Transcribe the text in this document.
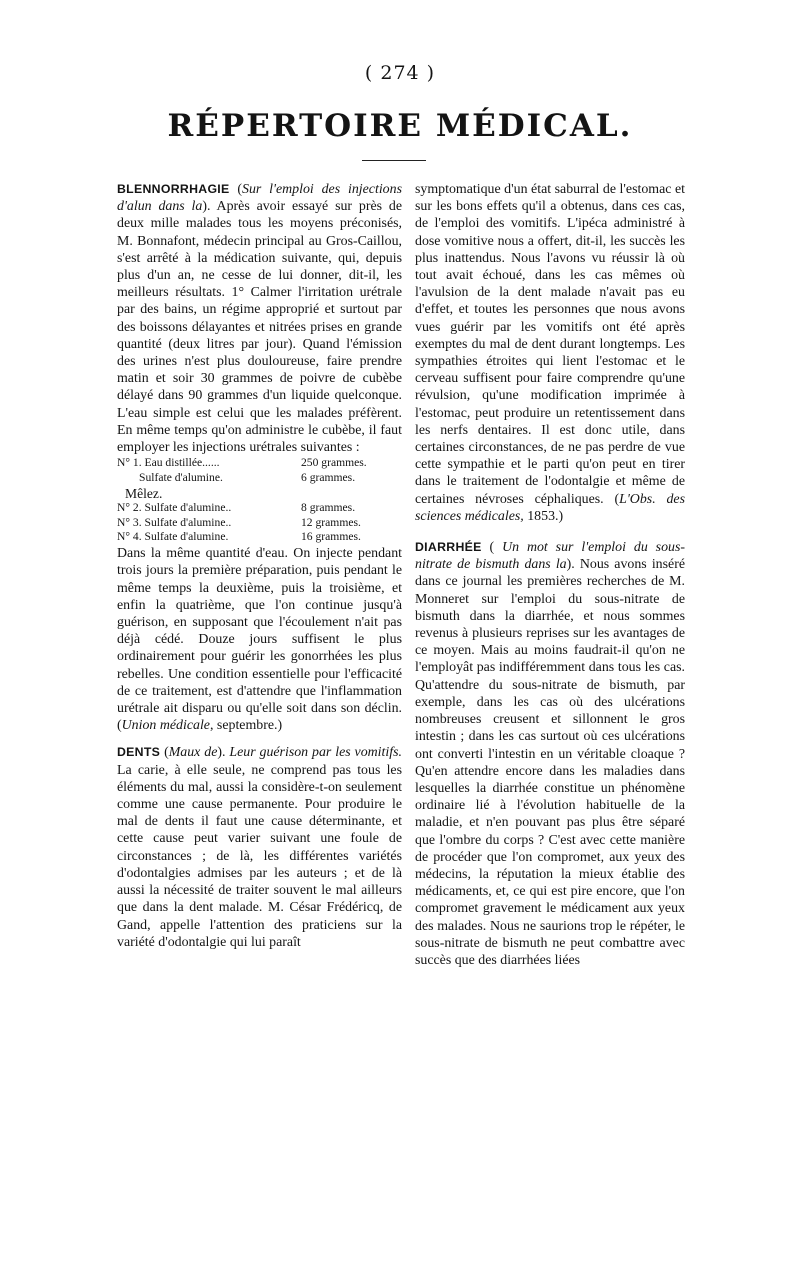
( 274 )
RÉPERTOIRE MÉDICAL.

BLENNORRHAGIE (Sur l'emploi des injections d'alun dans la). Après avoir essayé sur près de deux mille malades tous les moyens préconisés, M. Bonnafont, médecin principal au Gros-Caillou, s'est arrêté à la médication suivante, qui, depuis plus d'un an, ne cesse de lui donner, dit-il, les meilleurs résultats. 1° Calmer l'irritation urétrale par des bains, un régime approprié et surtout par des boissons délayantes et nitrées prises en grande quantité (deux litres par jour). Quand l'émission des urines n'est plus douloureuse, faire prendre matin et soir 30 grammes de poivre de cubèbe délayé dans 90 grammes d'un liquide quelconque. L'eau simple est celui que les malades préfèrent. En même temps qu'on administre le cubèbe, il faut employer les injections urétrales suivantes :

N° 1. Eau distillée......	250 grammes.
Sulfate d'alumine.	6 grammes.
Mêlez.
N° 2. Sulfate d'alumine..	8 grammes.
N° 3. Sulfate d'alumine..	12 grammes.
N° 4. Sulfate d'alumine.	16 grammes.

Dans la même quantité d'eau. On injecte pendant trois jours la première préparation, puis pendant le même temps la deuxième, puis la troisième, et enfin la quatrième, que l'on continue jusqu'à guérison, en supposant que l'écoulement n'ait pas déjà cédé. Douze jours suffisent le plus ordinairement pour guérir les gonorrhées les plus rebelles. Une condition essentielle pour l'efficacité de ce traitement, est d'attendre que l'inflammation urétrale ait disparu ou qu'elle soit dans son déclin. (Union médicale, septembre.)

DENTS (Maux de). Leur guérison par les vomitifs. La carie, à elle seule, ne comprend pas tous les éléments du mal, aussi la considère-t-on seulement comme une cause permanente. Pour produire le mal de dents il faut une cause déterminante, et cette cause peut varier suivant une foule de circonstances ; de là, les différentes variétés d'odontalgies admises par les auteurs ; et de là aussi la nécessité de traiter souvent le mal ailleurs que dans la dent malade. M. César Frédéricq, de Gand, appelle l'attention des praticiens sur la variété d'odontalgie qui lui paraît

symptomatique d'un état saburral de l'estomac et sur les bons effets qu'il a obtenus, dans ces cas, de l'emploi des vomitifs. L'ipéca administré à dose vomitive nous a offert, dit-il, les succès les plus inattendus. Nous l'avons vu réussir là où tout avait échoué, dans les cas mêmes où l'avulsion de la dent malade n'avait pas eu d'effet, et toutes les personnes que nous avons vues guérir par les vomitifs ont été après exemptes du mal de dent durant longtemps. Les sympathies étroites qui lient l'estomac et le cerveau suffisent pour faire comprendre qu'une révulsion, qu'une modification imprimée à l'estomac, peut produire un retentissement dans les nerfs dentaires. Il est donc utile, dans certaines circonstances, de ne pas perdre de vue cette sympathie et le parti qu'on peut en tirer dans le traitement de l'odontalgie et même de certaines névroses céphaliques. (L'Obs. des sciences médicales, 1853.)

DIARRHÉE ( Un mot sur l'emploi du sous-nitrate de bismuth dans la). Nous avons inséré dans ce journal les premières recherches de M. Monneret sur l'emploi du sous-nitrate de bismuth dans la diarrhée, et nous sommes revenus à plusieurs reprises sur les avantages de ce moyen. Mais au moins faudrait-il qu'on ne l'employât pas indifféremment dans tous les cas. Qu'attendre du sous-nitrate de bismuth, par exemple, dans les cas où des ulcérations nombreuses creusent et sillonnent le gros intestin ; dans les cas surtout où ces ulcérations ont converti l'intestin en un véritable cloaque ? Qu'en attendre encore dans les maladies dans lesquelles la diarrhée constitue un phénomène ordinaire lié à l'évolution habituelle de la maladie, et n'en pouvant pas plus être séparé que l'ombre du corps ? C'est avec cette manière de procéder que l'on compromet, aux yeux des médecins, la réputation la mieux établie des médicaments, et, ce qui est pire encore, que l'on compromet gravement le médicament aux yeux des malades. Nous ne saurions trop le répéter, le sous-nitrate de bismuth ne peut combattre avec succès que des diarrhées liées
